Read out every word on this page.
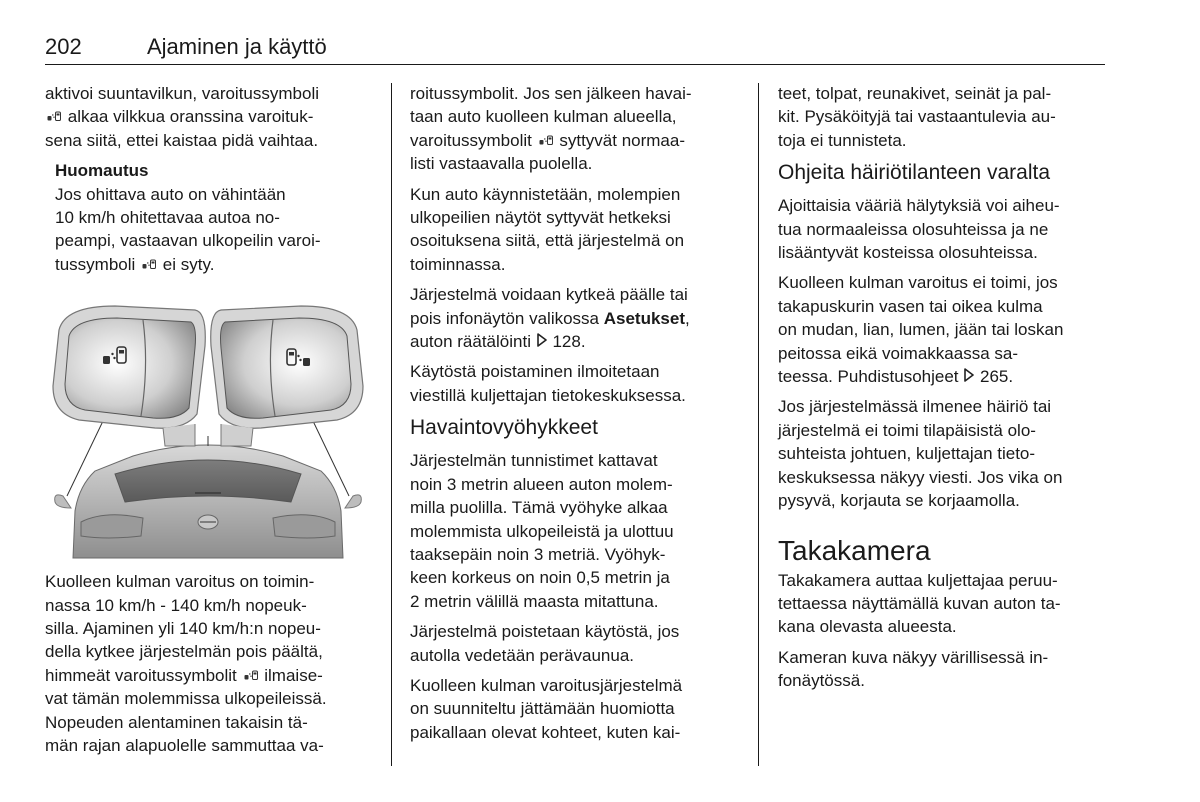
202	Ajaminen ja käyttö

aktivoi suuntavilkun, varoitussymboli
alkaa vilkkua oranssina varoituk-
sena siitä, ettei kaistaa pidä vaihtaa.

Huomautus
Jos ohittava auto on vähintään
10 km/h ohitettavaa autoa no-
peampi, vastaavan ulkopeilin varoi-
tussymboli ei syty.

Kuolleen kulman varoitus on toimin-
nassa 10 km/h - 140 km/h nopeuk-
silla. Ajaminen yli 140 km/h:n nopeu-
della kytkee järjestelmän pois päältä,
himmeät varoitussymbolit ilmaise-
vat tämän molemmissa ulkopeileissä.
Nopeuden alentaminen takaisin tä-
män rajan alapuolelle sammuttaa va-

roitussymbolit. Jos sen jälkeen havai-
taan auto kuolleen kulman alueella,
varoitussymbolit syttyvät normaa-
listi vastaavalla puolella.

Kun auto käynnistetään, molempien
ulkopeilien näytöt syttyvät hetkeksi
osoituksena siitä, että järjestelmä on
toiminnassa.

Järjestelmä voidaan kytkeä päälle tai
pois infonäytön valikossa Asetukset,
auton räätälöinti 128.

Käytöstä poistaminen ilmoitetaan
viestillä kuljettajan tietokeskuksessa.

Havaintovyöhykkeet

Järjestelmän tunnistimet kattavat
noin 3 metrin alueen auton molem-
milla puolilla. Tämä vyöhyke alkaa
molemmista ulkopeileistä ja ulottuu
taaksepäin noin 3 metriä. Vyöhyk-
keen korkeus on noin 0,5 metrin ja
2 metrin välillä maasta mitattuna.

Järjestelmä poistetaan käytöstä, jos
autolla vedetään perävaunua.

Kuolleen kulman varoitusjärjestelmä
on suunniteltu jättämään huomiotta
paikallaan olevat kohteet, kuten kai-

teet, tolpat, reunakivet, seinät ja pal-
kit. Pysäköityjä tai vastaantulevia au-
toja ei tunnisteta.

Ohjeita häiriötilanteen varalta

Ajoittaisia vääriä hälytyksiä voi aiheu-
tua normaaleissa olosuhteissa ja ne
lisääntyvät kosteissa olosuhteissa.

Kuolleen kulman varoitus ei toimi, jos
takapuskurin vasen tai oikea kulma
on mudan, lian, lumen, jään tai loskan
peitossa eikä voimakkaassa sa-
teessa. Puhdistusohjeet 265.

Jos järjestelmässä ilmenee häiriö tai
järjestelmä ei toimi tilapäisistä olo-
suhteista johtuen, kuljettajan tieto-
keskuksessa näkyy viesti. Jos vika on
pysyvä, korjauta se korjaamolla.

Takakamera

Takakamera auttaa kuljettajaa peruu-
tettaessa näyttämällä kuvan auton ta-
kana olevasta alueesta.

Kameran kuva näkyy värillisessä in-
fonäytössä.
